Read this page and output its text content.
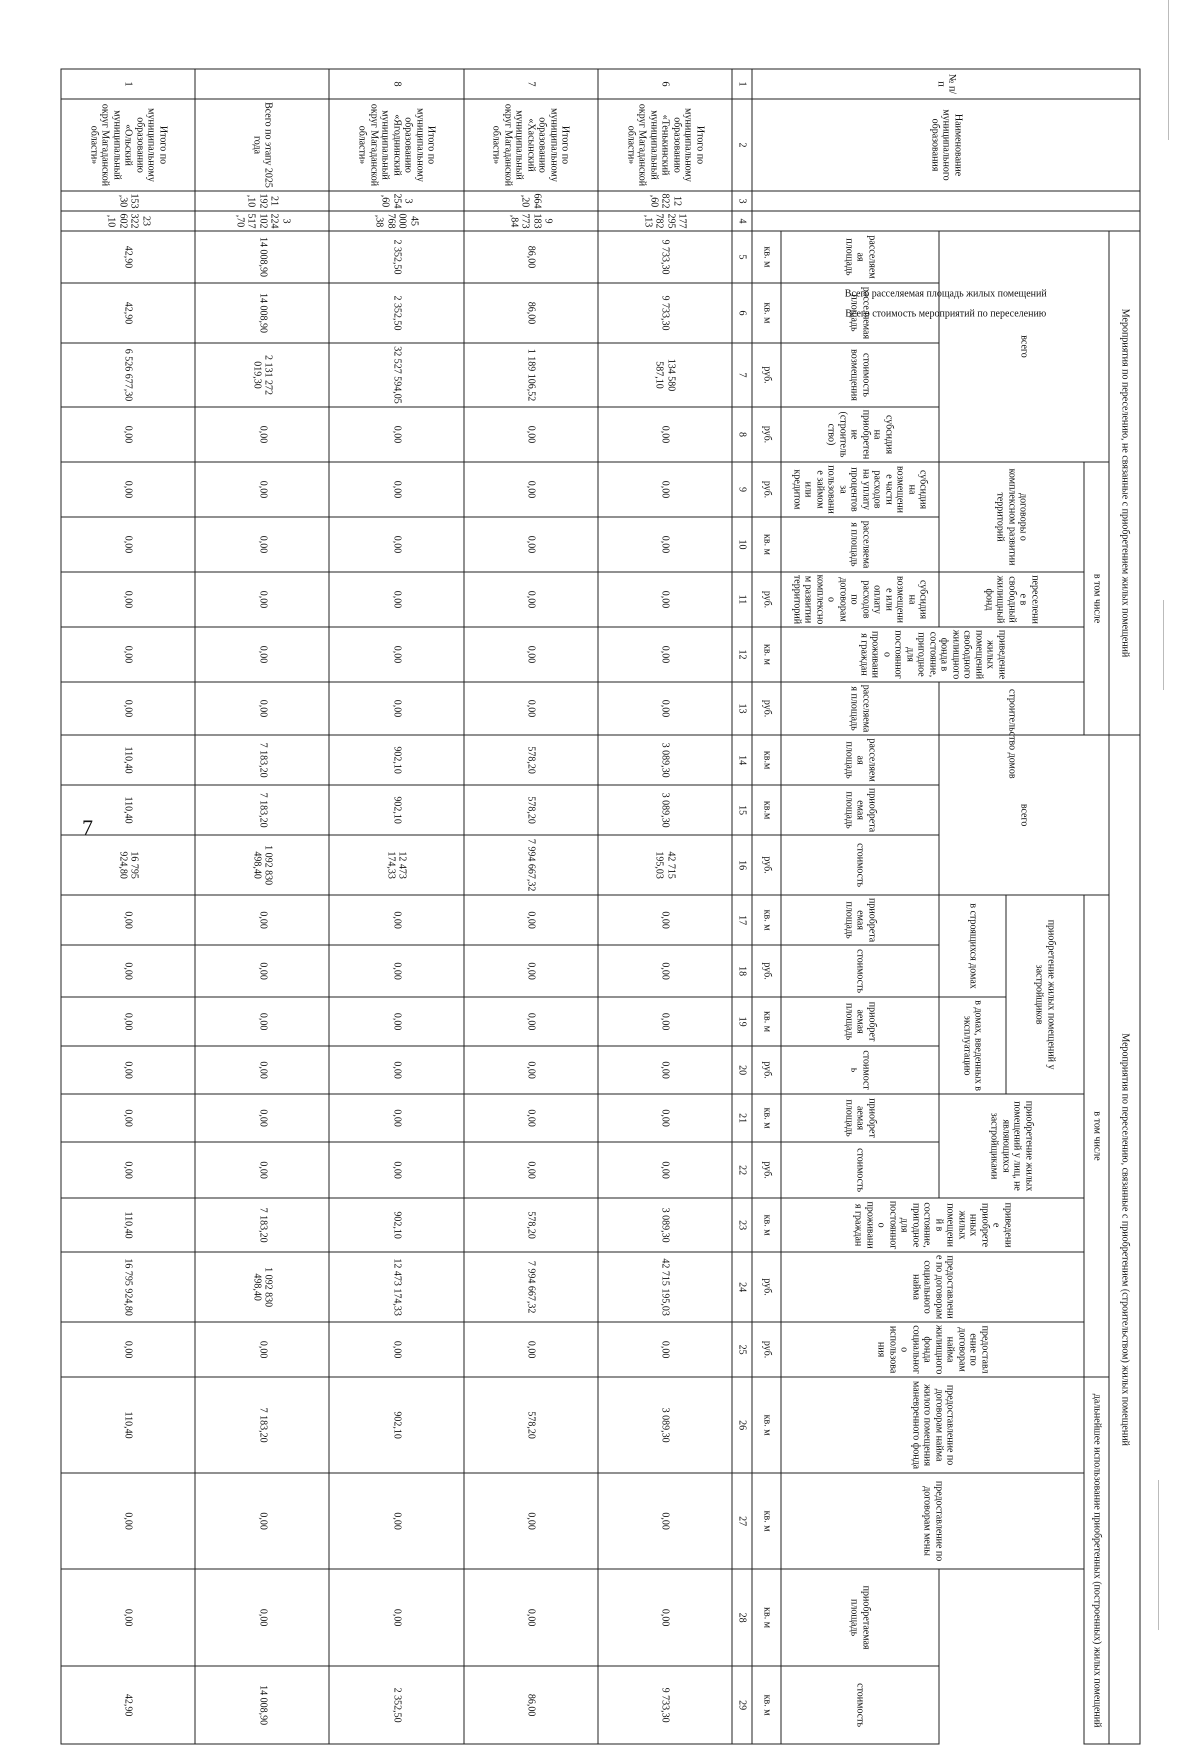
7
№ п/п	Наименование муниципального образования	Всего расселяемая площадь жилых помещений	Всего стоимость мероприятий по переселению	Мероприятия по переселению, не связанные с приобретением жилых помещений									Мероприятия по переселению, связанные с приобретением (строительством) жилых помещений																
				всего				в том числе					всего			в том числе									дальнейшее использование приобретенных (построенных) жилых помещений				
								договоры о комплексном развитии территорий		переселение в свободный жилищный фонд	приведение жилых помещений свободного жилищного фонда в состояние, пригодное для постоянного проживания граждан	строительство домов				приобретение жилых помещений у застройщиков				приобретение жилых помещений у лиц, не являющихся застройщиками		приведение приобретенных жилых помещений в состояние, пригодное для постоянного проживания граждан	предоставление по договорам социального найма	предоставление по договорам найма жилищного фонда социального использования	предоставление по договорам найма жилого помещения маневренного фонда	предоставление по договорам мены			
																в строящихся домах		в домах, введенных в эксплуатацию											
				расселяемая площадь	расселяемая площадь	стоимость возмещения	субсидия на приобретение (строительство)	субсидия на возмещение части расходов на уплату процентов за пользование займом или кредитом	расселяемая площадь	субсидия на возмещение или оплату расходов по договорам о комплексном развитии территорий		расселяемая площадь	расселяемая площадь	приобретаемая площадь	стоимость	приобретаемая площадь	стоимость	приобретаемая площадь	стоимость	приобретаемая площадь	стоимость						приобретаемая площадь	стоимость					
				кв. м	кв. м	руб.	руб.	руб.	кв. м	руб.	кв. м	руб.	кв.м	кв.м	руб.	кв. м	руб.	кв. м	руб.	кв. м	руб.	кв. м	руб.	руб.	кв. м	кв. м	кв. м	кв. м	
1	2	3	4	5	6	7	8	9	10	11	12	13	14	15	16	17	18	19	20	21	22	23	24	25	26	27	28	29	
6	Итого по муниципальному образованию «Тенькинский муниципальный округ Магаданской области»	12 822,60	177 295 782,13	9 733,30	9 733,30	134 580 587,10	0,00	0,00	0,00	0,00	0,00	0,00	3 089,30	3 089,30	42 715 195,03	0,00	0,00	0,00	0,00	0,00	0,00	3 089,30	42 715 195,03	0,00	3 089,30	0,00	0,00	9 733,30	
7	Итого по муниципальному образованию «Хасынский муниципальный округ Магаданской области»	664,20	9 183 773,84	86,00	86,00	1 189 106,52	0,00	0,00	0,00	0,00	0,00	0,00	578,20	578,20	7 994 667,32	0,00	0,00	0,00	0,00	0,00	0,00	578,20	7 994 667,32	0,00	578,20	0,00	0,00	86,00	
8	Итого по муниципальному образованию «Ягоднинский муниципальный округ Магаданской области»	3 254,60	45 000 768,38	2 352,50	2 352,50	32 527 594,05	0,00	0,00	0,00	0,00	0,00	0,00	902,10	902,10	12 473 174,33	0,00	0,00	0,00	0,00	0,00	0,00	902,10	12 473 174,33	0,00	902,10	0,00	0,00	2 352,50	
	Всего по этапу 2025 года	21 192,10	3 224 102 517,70	14 008,90	14 008,90	2 131 272 019,30	0,00	0,00	0,00	0,00	0,00	0,00	7 183,20	7 183,20	1 092 830 498,40	0,00	0,00	0,00	0,00	0,00	0,00	7 183,20	1 092 830 498,40	0,00	7 183,20	0,00	0,00	14 008,90	
1	Итого по муниципальному образованию «Ольский муниципальный округ Магаданской области»	153,30	23 322 602,10	42,90	42,90	6 526 677,30	0,00	0,00	0,00	0,00	0,00	0,00	110,40	110,40	16 795 924,80	0,00	0,00	0,00	0,00	0,00	0,00	110,40	16 795 924,80	0,00	110,40	0,00	0,00	42,90	
